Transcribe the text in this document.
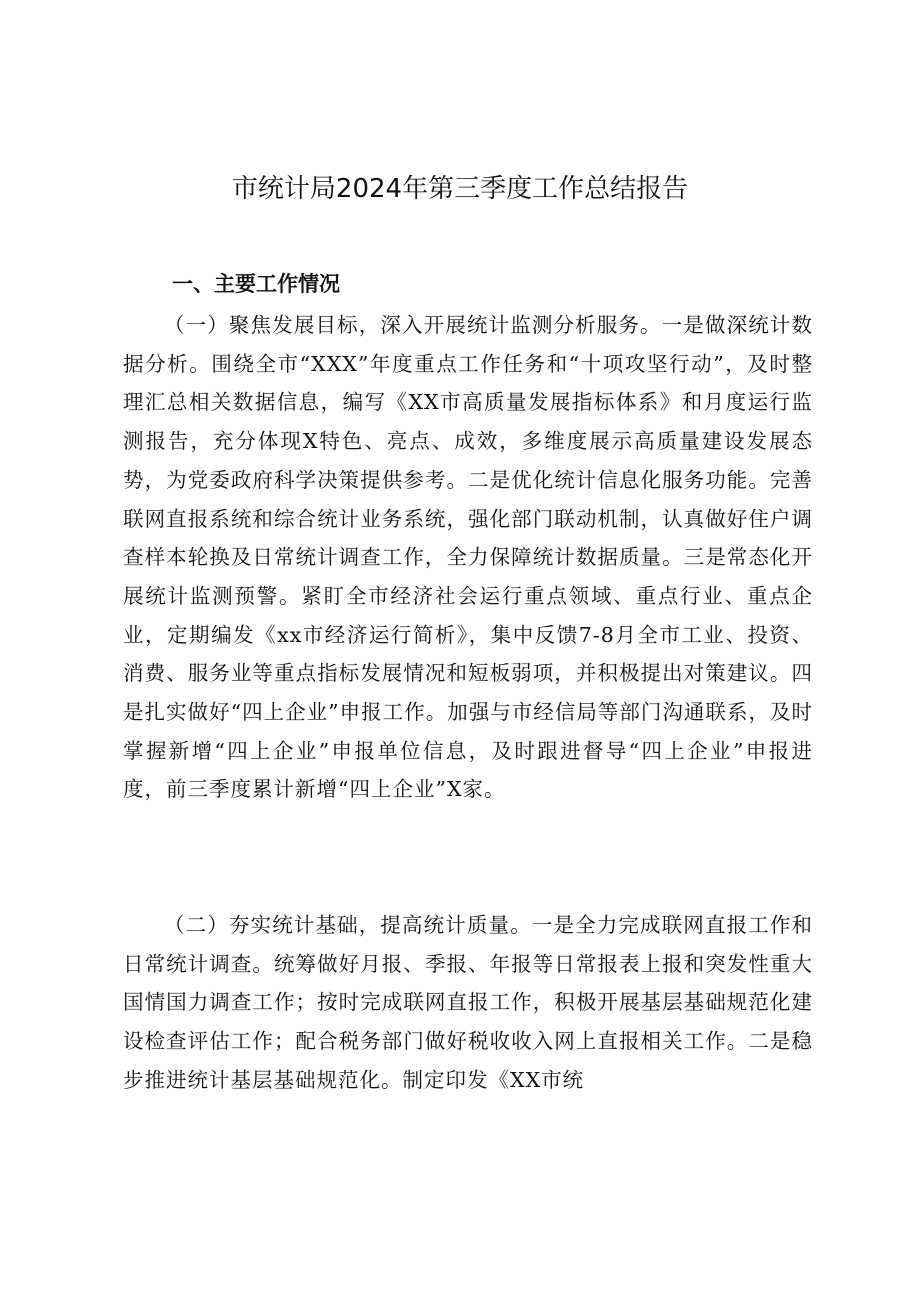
市统计局2024年第三季度工作总结报告
一、主要工作情况

（一）聚焦发展目标，深入开展统计监测分析服务。一是做深统计数据分析。围绕全市“XXX”年度重点工作任务和“十项攻坚行动”，及时整理汇总相关数据信息，编写《XX市高质量发展指标体系》和月度运行监测报告，充分体现X特色、亮点、成效，多维度展示高质量建设发展态势，为党委政府科学决策提供参考。二是优化统计信息化服务功能。完善联网直报系统和综合统计业务系统，强化部门联动机制，认真做好住户调查样本轮换及日常统计调查工作，全力保障统计数据质量。三是常态化开展统计监测预警。紧盯全市经济社会运行重点领域、重点行业、重点企业，定期编发《xx市经济运行简析》，集中反馈7-8月全市工业、投资、消费、服务业等重点指标发展情况和短板弱项，并积极提出对策建议。四是扎实做好“四上企业”申报工作。加强与市经信局等部门沟通联系，及时掌握新增“四上企业”申报单位信息，及时跟进督导“四上企业”申报进度，前三季度累计新增“四上企业”X家。

（二）夯实统计基础，提高统计质量。一是全力完成联网直报工作和日常统计调查。统筹做好月报、季报、年报等日常报表上报和突发性重大国情国力调查工作；按时完成联网直报工作，积极开展基层基础规范化建设检查评估工作；配合税务部门做好税收收入网上直报相关工作。二是稳步推进统计基层基础规范化。制定印发《XX市统
